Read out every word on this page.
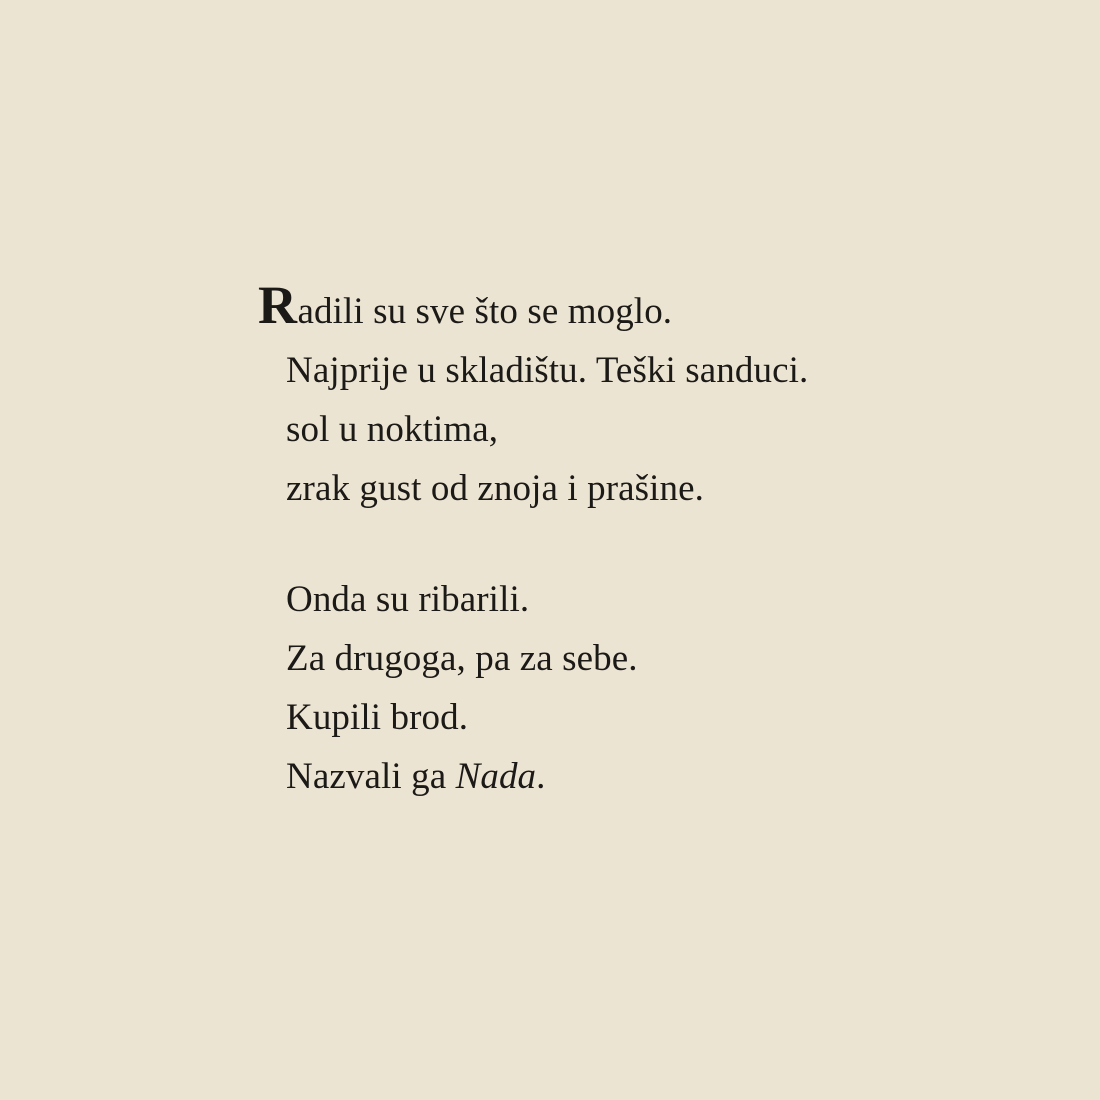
Radili su sve što se moglo.
Najprije u skladištu. Teški sanduci.
sol u noktima,
zrak gust od znoja i prašine.
Onda su ribarili.
Za drugoga, pa za sebe.
Kupili brod.
Nazvali ga Nada.
